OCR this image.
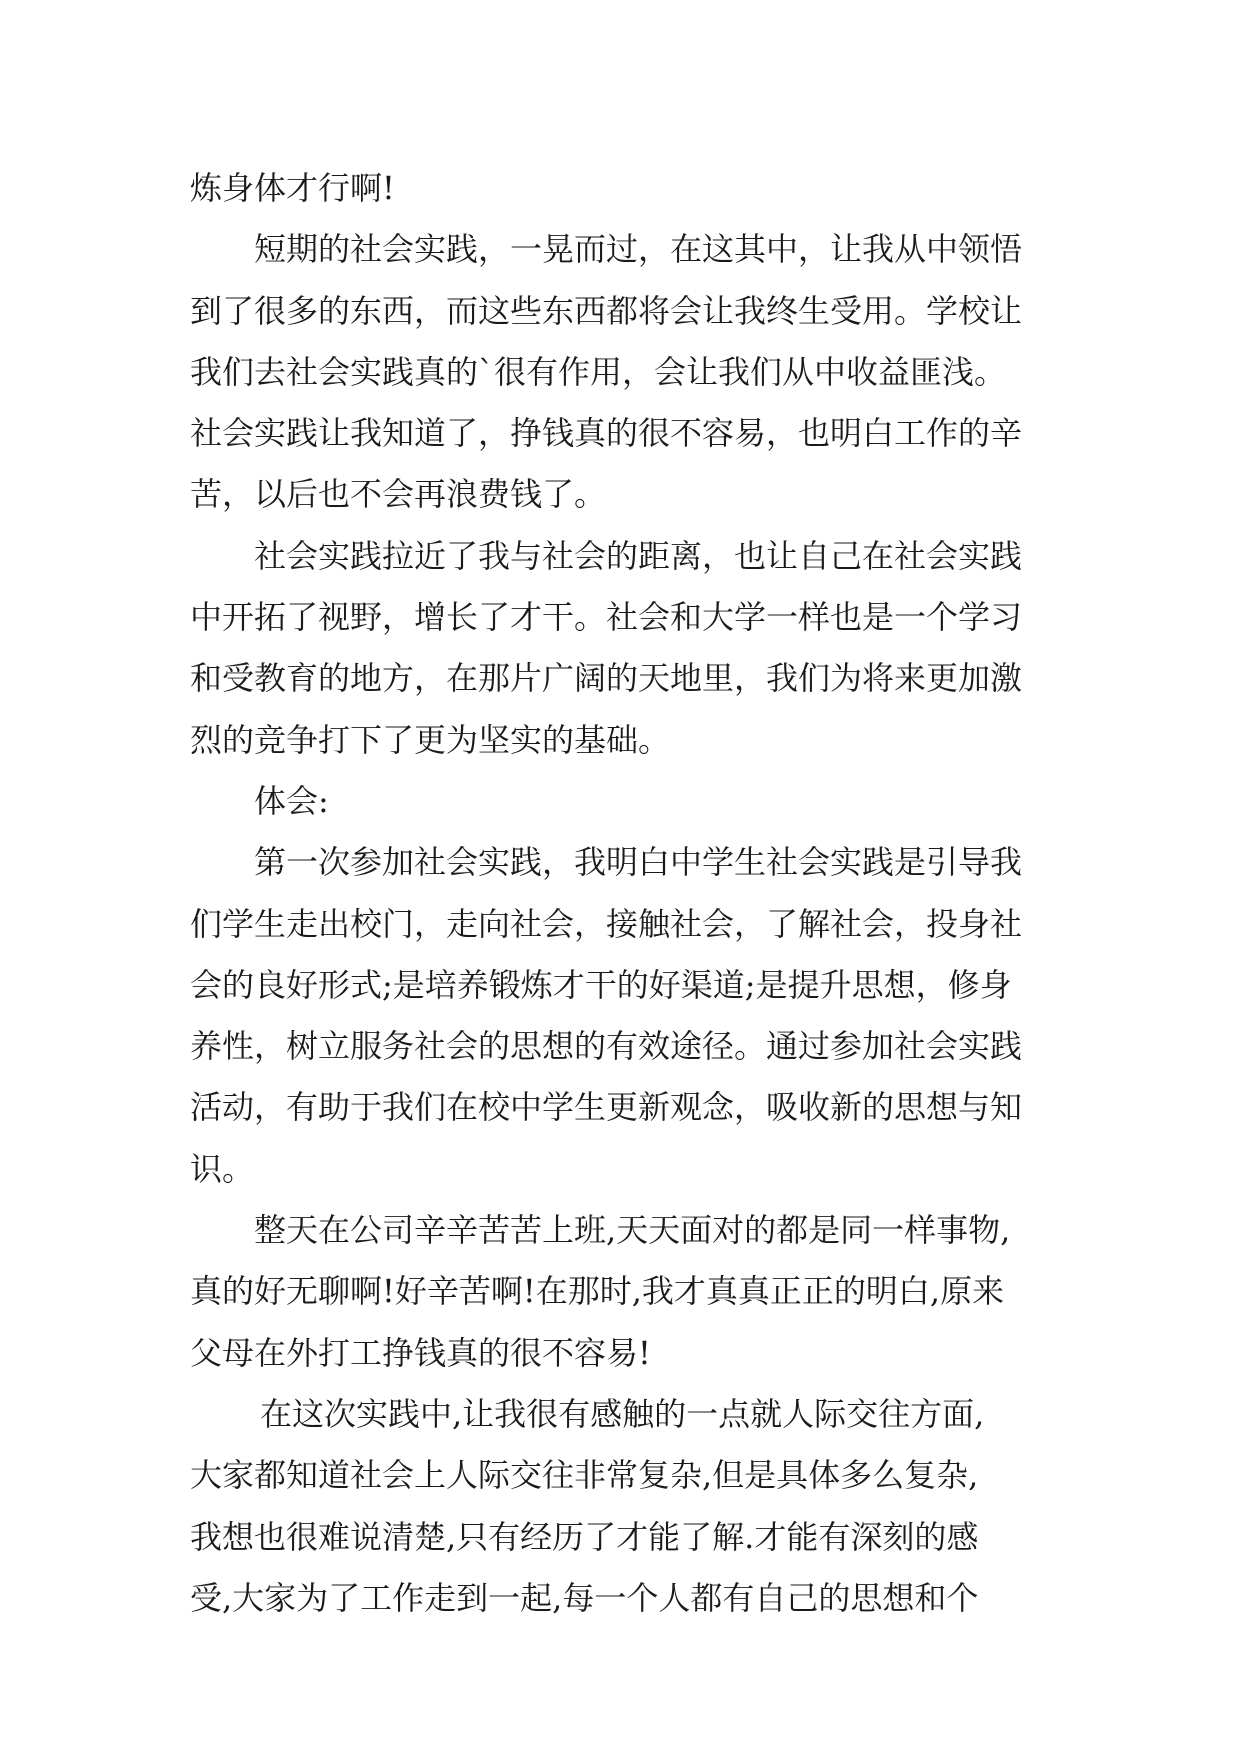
炼身体才行啊!
短期的社会实践，一晃而过，在这其中，让我从中领悟
到了很多的东西，而这些东西都将会让我终生受用。学校让
我们去社会实践真的`很有作用，会让我们从中收益匪浅。
社会实践让我知道了，挣钱真的很不容易，也明白工作的辛
苦，以后也不会再浪费钱了。
社会实践拉近了我与社会的距离，也让自己在社会实践
中开拓了视野，增长了才干。社会和大学一样也是一个学习
和受教育的地方，在那片广阔的天地里，我们为将来更加激
烈的竞争打下了更为坚实的基础。
体会:
第一次参加社会实践，我明白中学生社会实践是引导我
们学生走出校门，走向社会，接触社会，了解社会，投身社
会的良好形式;是培养锻炼才干的好渠道;是提升思想，修身
养性，树立服务社会的思想的有效途径。通过参加社会实践
活动，有助于我们在校中学生更新观念，吸收新的思想与知
识。
整天在公司辛辛苦苦上班,天天面对的都是同一样事物,
真的好无聊啊!好辛苦啊!在那时,我才真真正正的明白,原来
父母在外打工挣钱真的很不容易!
在这次实践中,让我很有感触的一点就人际交往方面,
大家都知道社会上人际交往非常复杂,但是具体多么复杂,
我想也很难说清楚,只有经历了才能了解.才能有深刻的感
受,大家为了工作走到一起,每一个人都有自己的思想和个
